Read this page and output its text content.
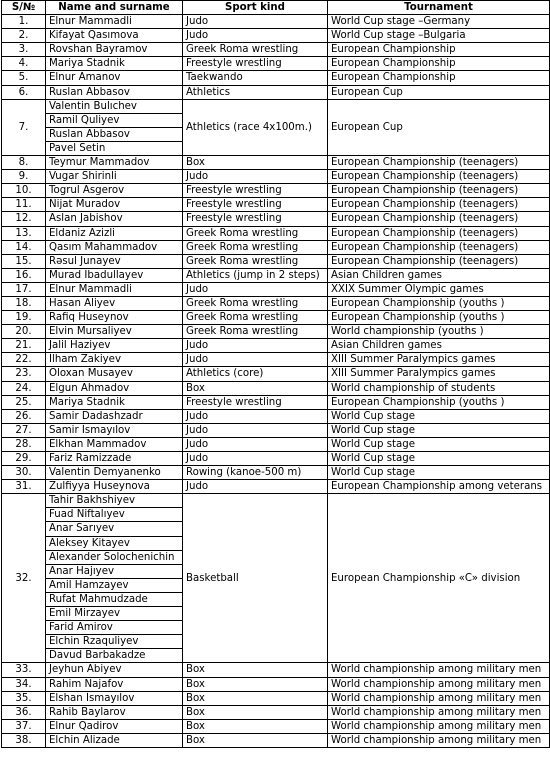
S/№	Name and surname	Sport kind	Tournament
1.	Elnur Mammadli	Judo	World Cup stage –Germany
2.	Kifayat Qasımova	Judo	World Cup stage –Bulgaria
3.	Rovshan Bayramov	Greek Roma wrestling	European Championship
4.	Mariya Stadnik	Freestyle wrestling	European Championship
5.	Elnur Amanov	Taekwando	European Championship
6.	Ruslan Abbasov	Athletics	European Cup
7.	Valentin Bulıchev	Athletics (race 4x100m.)	European Cup
	Ramil Quliyev		
	Ruslan Abbasov		
	Pavel Setin		
8.	Teymur Mammadov	Box	European Championship (teenagers)
9.	Vugar Shirinli	Judo	European Championship (teenagers)
10.	Togrul Asgerov	Freestyle wrestling	European Championship (teenagers)
11.	Nijat Muradov	Freestyle wrestling	European Championship (teenagers)
12.	Aslan Jabishov	Freestyle wrestling	European Championship (teenagers)
13.	Eldaniz Azizli	Greek Roma wrestling	European Championship (teenagers)
14.	Qasım Mahammadov	Greek Roma wrestling	European Championship (teenagers)
15.	Rəsul Junayev	Greek Roma wrestling	European Championship (teenagers)
16.	Murad İbadullayev	Athletics (jump in 2 steps)	Asian Children games
17.	Elnur Mammadli	Judo	XXIX Summer Olympic games
18.	Hasan Aliyev	Greek Roma wrestling	European Championship (youths )
19.	Rafiq Huseynov	Greek Roma wrestling	European Championship (youths )
20.	Elvin Mursaliyev	Greek Roma wrestling	World championship (youths )
21.	Jalil Haziyev	Judo	Asian Children games
22.	İlham Zakiyev	Judo	XIII Summer Paralympics games
23.	Oloxan Musayev	Athletics (core)	XIII Summer Paralympics games
24.	Elgun Ahmadov	Box	World championship of students
25.	Mariya Stadnik	Freestyle wrestling	European Championship (youths )
26.	Samir Dadashzadr	Judo	World Cup stage
27.	Samir İsmayılov	Judo	World Cup stage
28.	Elkhan Mammadov	Judo	World Cup stage
29.	Fariz Ramizzade	Judo	World Cup stage
30.	Valentin Demyanenko	Rowing (kanoe-500 m)	World Cup stage
31.	Zulfiyya Huseynova	Judo	European Championship among veterans
32.	Tahir Bakhshiyev	Basketball	European Championship «C» division
	Fuad Niftalıyev		
	Anar Sarıyev		
	Aleksey Kitayev		
	Alexander Solochenichin		
	Anar Hajıyev		
	Amil Hamzayev		
	Rufat Mahmudzade		
	Emil Mirzayev		
	Farid Amirov		
	Elchin Rzaquliyev		
	Davud Barbakadze		
33.	Jeyhun Abiyev	Box	World championship among military men
34.	Rahim Najafov	Box	World championship among military men
35.	Elshan İsmayılov	Box	World championship among military men
36.	Rahib Baylarov	Box	World championship among military men
37.	Elnur Qadirov	Box	World championship among military men
38.	Elchin Alizade	Box	World championship among military men
